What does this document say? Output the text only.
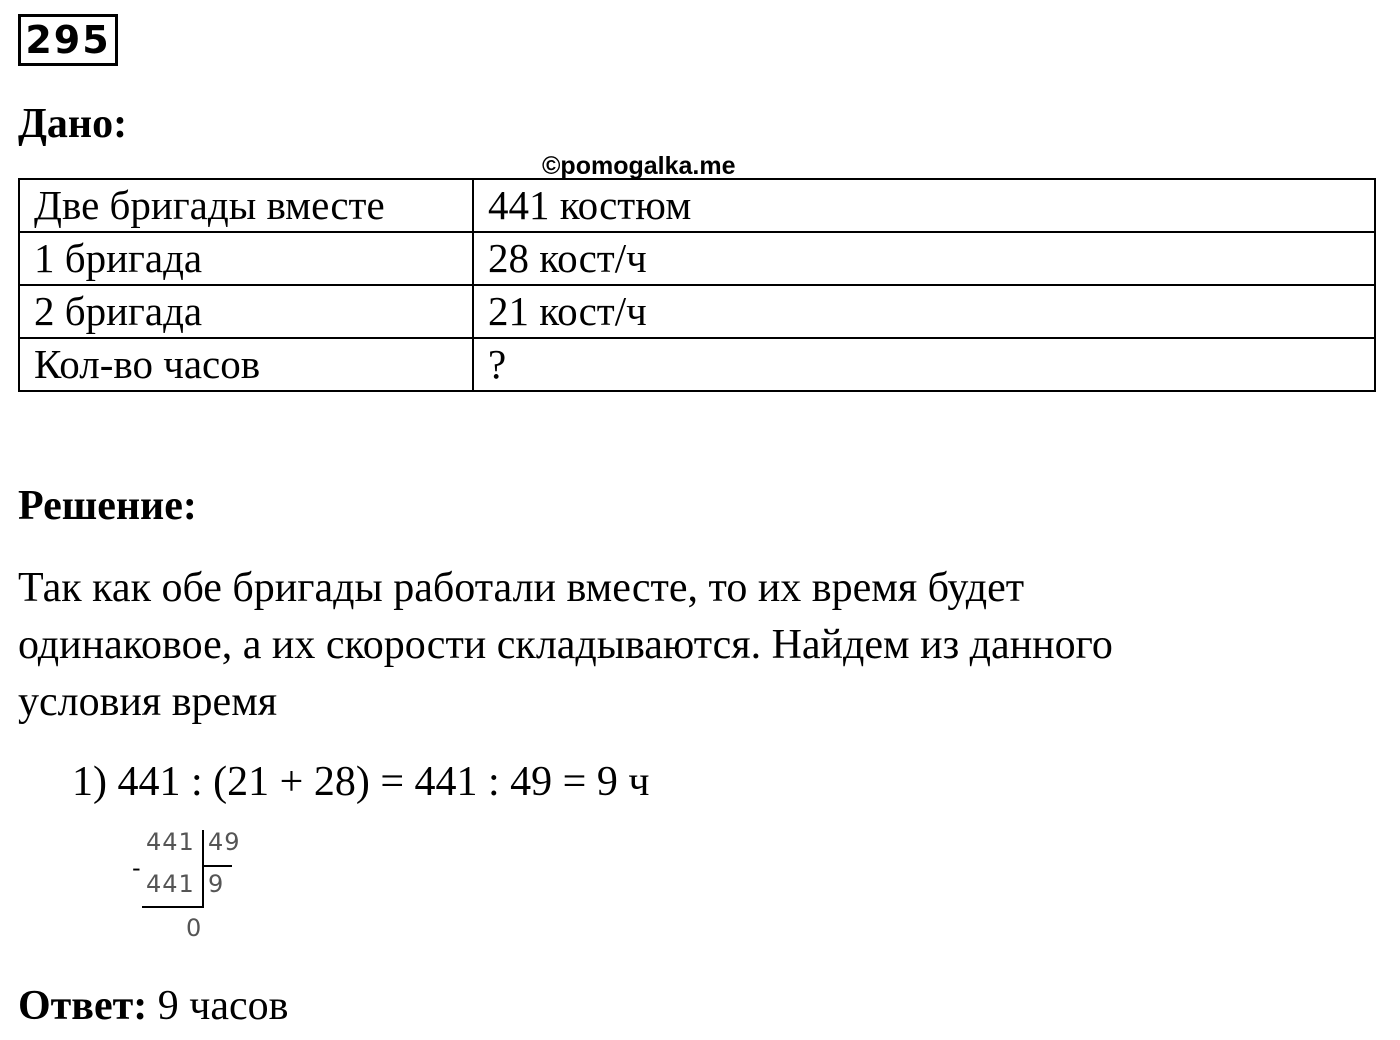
295
Дано:
©pomogalka.me
Две бригады вместе	441 костюм
1 бригада	28 кост/ч
2 бригада	21 кост/ч
Кол-во часов	?
Решение:
Так как обе бригады работали вместе, то их время будет
одинаковое, а их скорости складываются. Найдем из данного
условия время
1) 441 : (21 + 28) = 441 : 49 = 9 ч
441 49
-
441 9
0
Ответ: 9 часов
